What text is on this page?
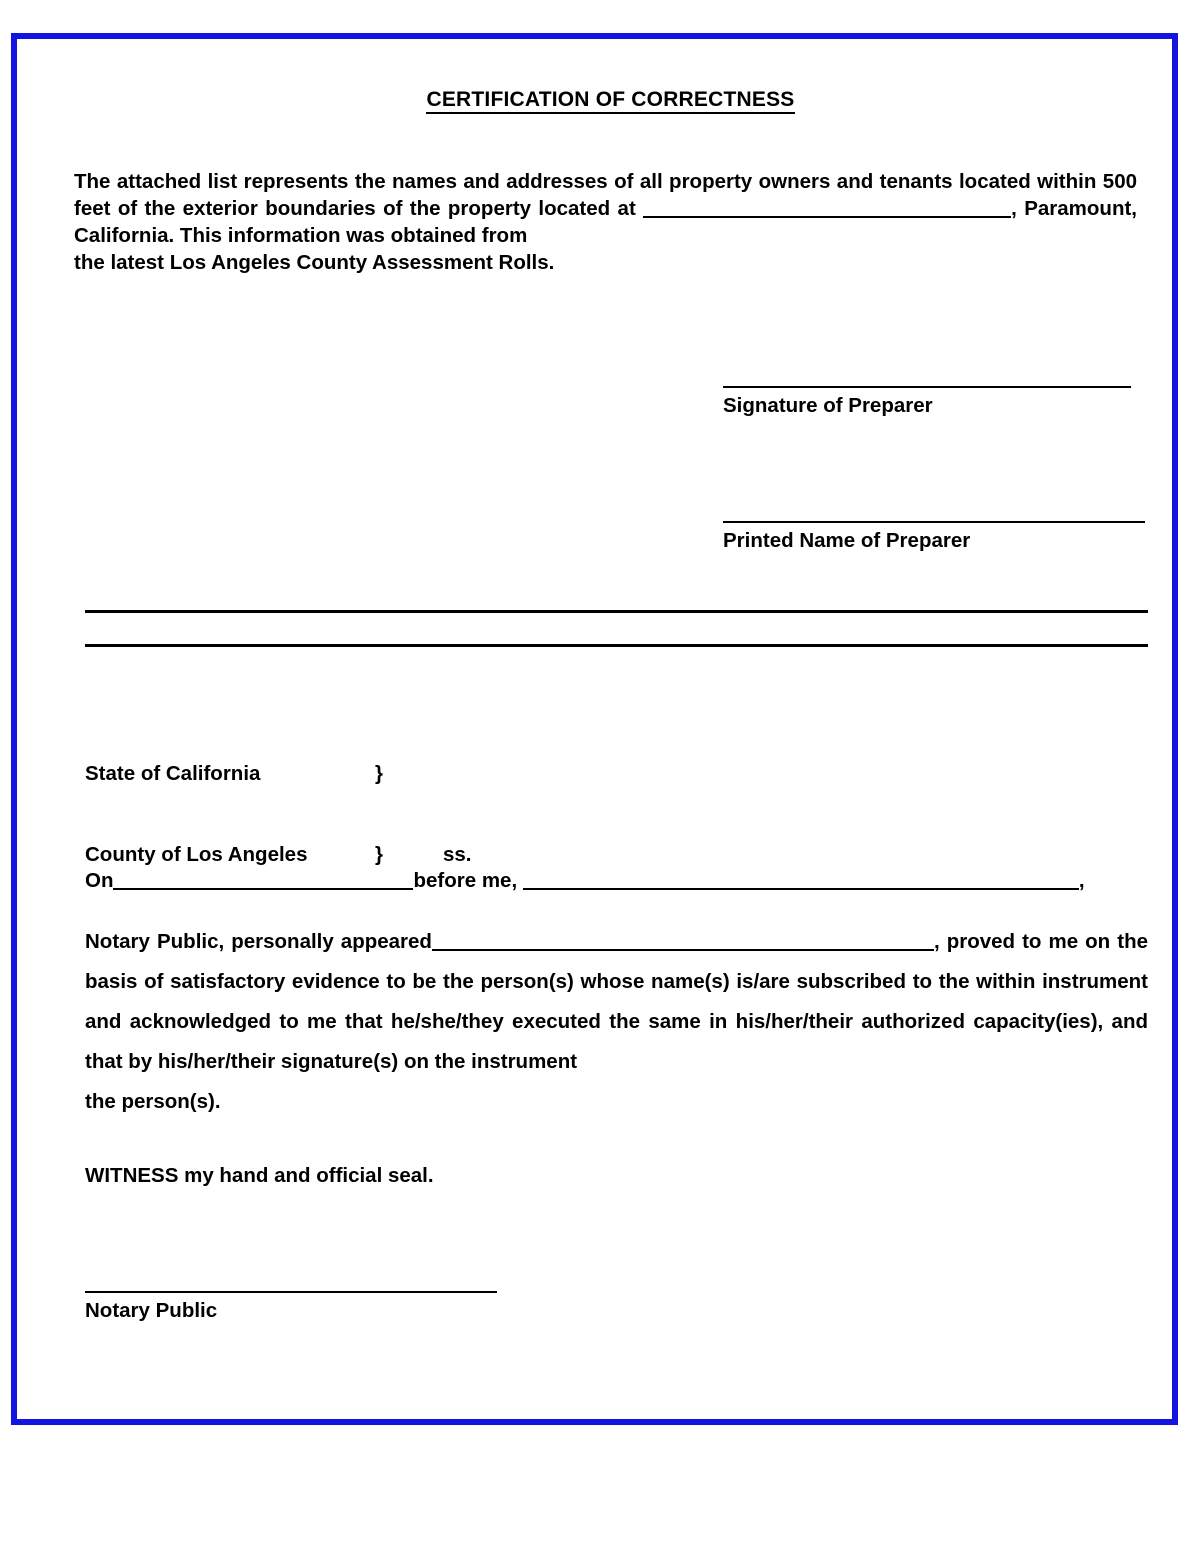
CERTIFICATION OF CORRECTNESS
The attached list represents the names and addresses of all property owners and tenants located within 500 feet of the exterior boundaries of the property located at	, Paramount, California. This information was obtained from
the latest Los Angeles County Assessment Rolls.
Signature of Preparer
Printed Name of Preparer

State of California	}

County of Los Angeles	}	ss.

On	before me,	,
Notary Public, personally appeared	, proved to me on the basis of satisfactory evidence to be the person(s) whose name(s) is/are subscribed to the within instrument and acknowledged to me that he/she/they executed the same in his/her/their authorized capacity(ies), and that by his/her/their signature(s) on the instrument
the person(s).
WITNESS my hand and official seal.
Notary Public
